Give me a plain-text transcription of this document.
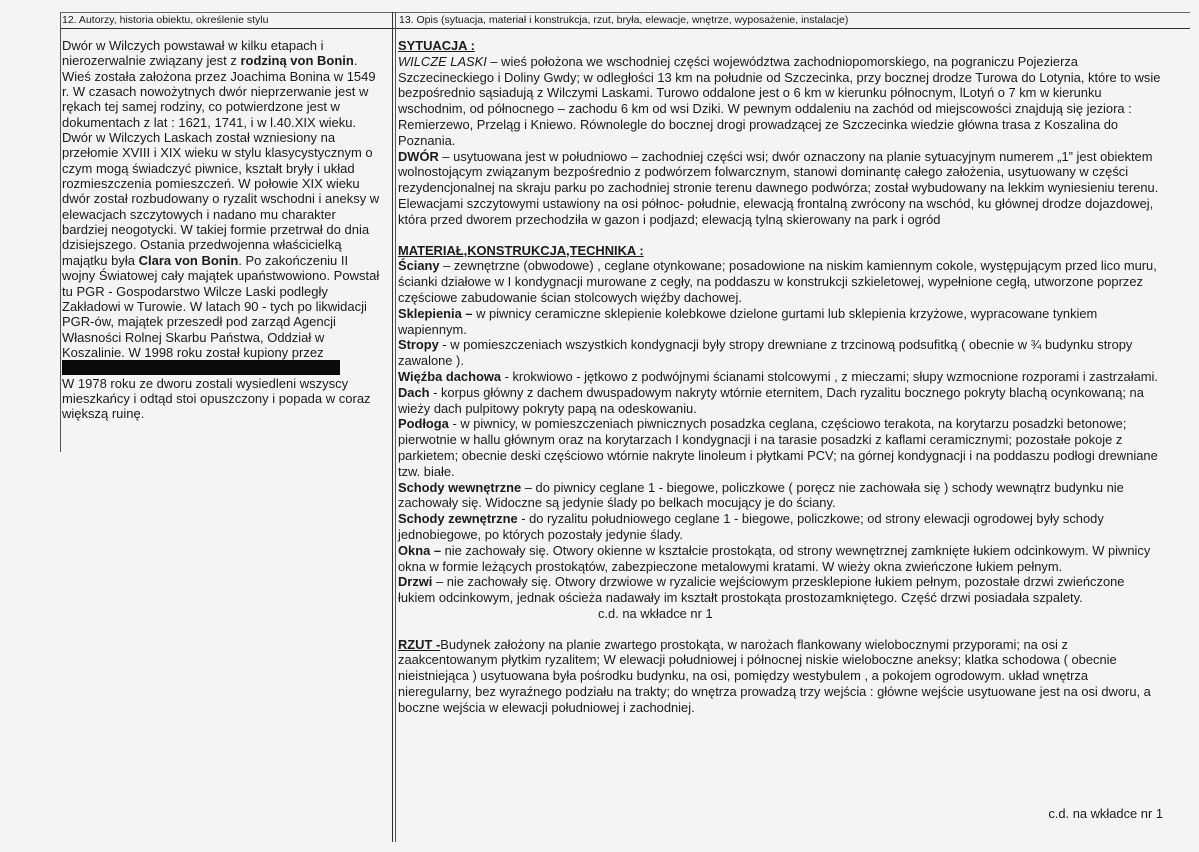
12. Autorzy, historia obiektu, określenie stylu	13. Opis (sytuacja, materiał i konstrukcja, rzut, bryła, elewacje, wnętrze, wyposażenie, instalacje)

Dwór w Wilczych powstawał w kilku etapach i nierozerwalnie związany jest z rodziną von Bonin. Wieś została założona przez Joachima Bonina w 1549 r. W czasach nowożytnych dwór nieprzerwanie jest w rękach tej samej rodziny, co potwierdzone jest w dokumentach z lat : 1621, 1741, i w l.40.XIX wieku.

Dwór w Wilczych Laskach został wzniesiony na przełomie XVIII i XIX wieku w stylu klasycystycznym o czym mogą świadczyć piwnice, kształt bryły i układ rozmieszczenia pomieszczeń. W połowie XIX wieku dwór został rozbudowany o ryzalit wschodni i aneksy w elewacjach szczytowych i nadano mu charakter bardziej neogotycki. W takiej formie przetrwał do dnia dzisiejszego. Ostania przedwojenna właścicielką majątku była Clara von Bonin. Po zakończeniu II wojny Światowej cały majątek upaństwowiono. Powstał tu PGR - Gospodarstwo Wilcze Laski podległy Zakładowi w Turowie. W latach 90 - tych po likwidacji PGR-ów, majątek przeszedł pod zarząd Agencji Własności Rolnej Skarbu Państwa, Oddział w Koszalinie. W 1998 roku został kupiony przez

W 1978 roku ze dworu zostali wysiedleni wszyscy mieszkańcy i odtąd stoi opuszczony i popada w coraz większą ruinę.

SYTUACJA :

WILCZE LASKI – wieś położona we wschodniej części województwa zachodniopomorskiego, na pograniczu Pojezierza Szczecineckiego i Doliny Gwdy; w odległości 13 km na południe od Szczecinka, przy bocznej drodze Turowa do Lotynia, które to wsie bezpośrednio sąsiadują z Wilczymi Laskami. Turowo oddalone jest o 6 km w kierunku północnym, lLotyń o 7 km w kierunku wschodnim, od północnego – zachodu 6 km od wsi Dziki. W pewnym oddaleniu na zachód od miejscowości znajdują się jeziora : Remierzewo, Przeląg i Kniewo. Równolegle do bocznej drogi prowadzącej ze Szczecinka wiedzie główna trasa z Koszalina do Poznania.

DWÓR – usytuowana jest w południowo – zachodniej części wsi; dwór oznaczony na planie sytuacyjnym numerem „1” jest obiektem wolnostojącym związanym bezpośrednio z podwórzem folwarcznym, stanowi dominantę całego założenia, usytuowany w części rezydencjonalnej na skraju parku po zachodniej stronie terenu dawnego podwórza; został wybudowany na lekkim wyniesieniu terenu. Elewacjami szczytowymi ustawiony na osi północ- południe, elewacją frontalną zwrócony na wschód, ku głównej drodze dojazdowej, która przed dworem przechodziła w gazon i podjazd; elewacją tylną skierowany na park i ogród

MATERIAŁ,KONSTRUKCJA,TECHNIKA :

Ściany – zewnętrzne (obwodowe) , ceglane otynkowane; posadowione na niskim kamiennym cokole, występującym przed lico muru, ścianki działowe w I kondygnacji murowane z cegły, na poddaszu w konstrukcji szkieletowej, wypełnione cegłą, utworzone poprzez częściowe zabudowanie ścian stolcowych więźby dachowej.

Sklepienia – w piwnicy ceramiczne sklepienie kolebkowe dzielone gurtami lub sklepienia krzyżowe, wypracowane tynkiem wapiennym.

Stropy - w pomieszczeniach wszystkich kondygnacji były stropy drewniane z trzcinową podsufitką ( obecnie w ¾ budynku stropy zawalone ).

Więźba dachowa - krokwiowo - jętkowo z podwójnymi ścianami stolcowymi , z mieczami; słupy wzmocnione rozporami i zastrzałami.

Dach - korpus główny z dachem dwuspadowym nakryty wtórnie eternitem, Dach ryzalitu bocznego pokryty blachą ocynkowaną; na wieży dach pulpitowy pokryty papą na odeskowaniu.

Podłoga - w piwnicy, w pomieszczeniach piwnicznych posadzka ceglana, częściowo terakota, na korytarzu posadzki betonowe; pierwotnie w hallu głównym oraz na korytarzach I kondygnacji i na tarasie posadzki z kaflami ceramicznymi; pozostałe pokoje z parkietem; obecnie deski częściowo wtórnie nakryte linoleum i płytkami PCV; na górnej kondygnacji i na poddaszu podłogi drewniane tzw. białe.

Schody wewnętrzne – do piwnicy ceglane 1 - biegowe, policzkowe ( poręcz nie zachowała się ) schody wewnątrz budynku nie zachowały się. Widoczne są jedynie ślady po belkach mocujący je do ściany.

Schody zewnętrzne - do ryzalitu południowego ceglane 1 - biegowe, policzkowe; od strony elewacji ogrodowej były schody jednobiegowe, po których pozostały jedynie ślady.

Okna – nie zachowały się. Otwory okienne w kształcie prostokąta, od strony wewnętrznej zamknięte łukiem odcinkowym. W piwnicy okna w formie leżących prostokątów, zabezpieczone metalowymi kratami. W wieży okna zwieńczone łukiem pełnym.

Drzwi – nie zachowały się. Otwory drzwiowe w ryzalicie wejściowym przesklepione łukiem pełnym, pozostałe drzwi zwieńczone łukiem odcinkowym, jednak ościeża nadawały im kształt prostokąta prostozamkniętego. Część drzwi posiadała szpalety.c.d. na wkładce nr 1

RZUT -Budynek założony na planie zwartego prostokąta, w narożach flankowany wielobocznymi przyporami; na osi z zaakcentowanym płytkim ryzalitem; W elewacji południowej i północnej niskie wieloboczne aneksy; klatka schodowa ( obecnie nieistniejąca ) usytuowana była pośrodku budynku, na osi, pomiędzy westybulem , a pokojem ogrodowym. układ wnętrza nieregularny, bez wyraźnego podziału na trakty; do wnętrza prowadzą trzy wejścia : główne wejście usytuowane jest na osi dworu, a boczne wejścia w elewacji południowej i zachodniej.

c.d. na wkładce nr 1
